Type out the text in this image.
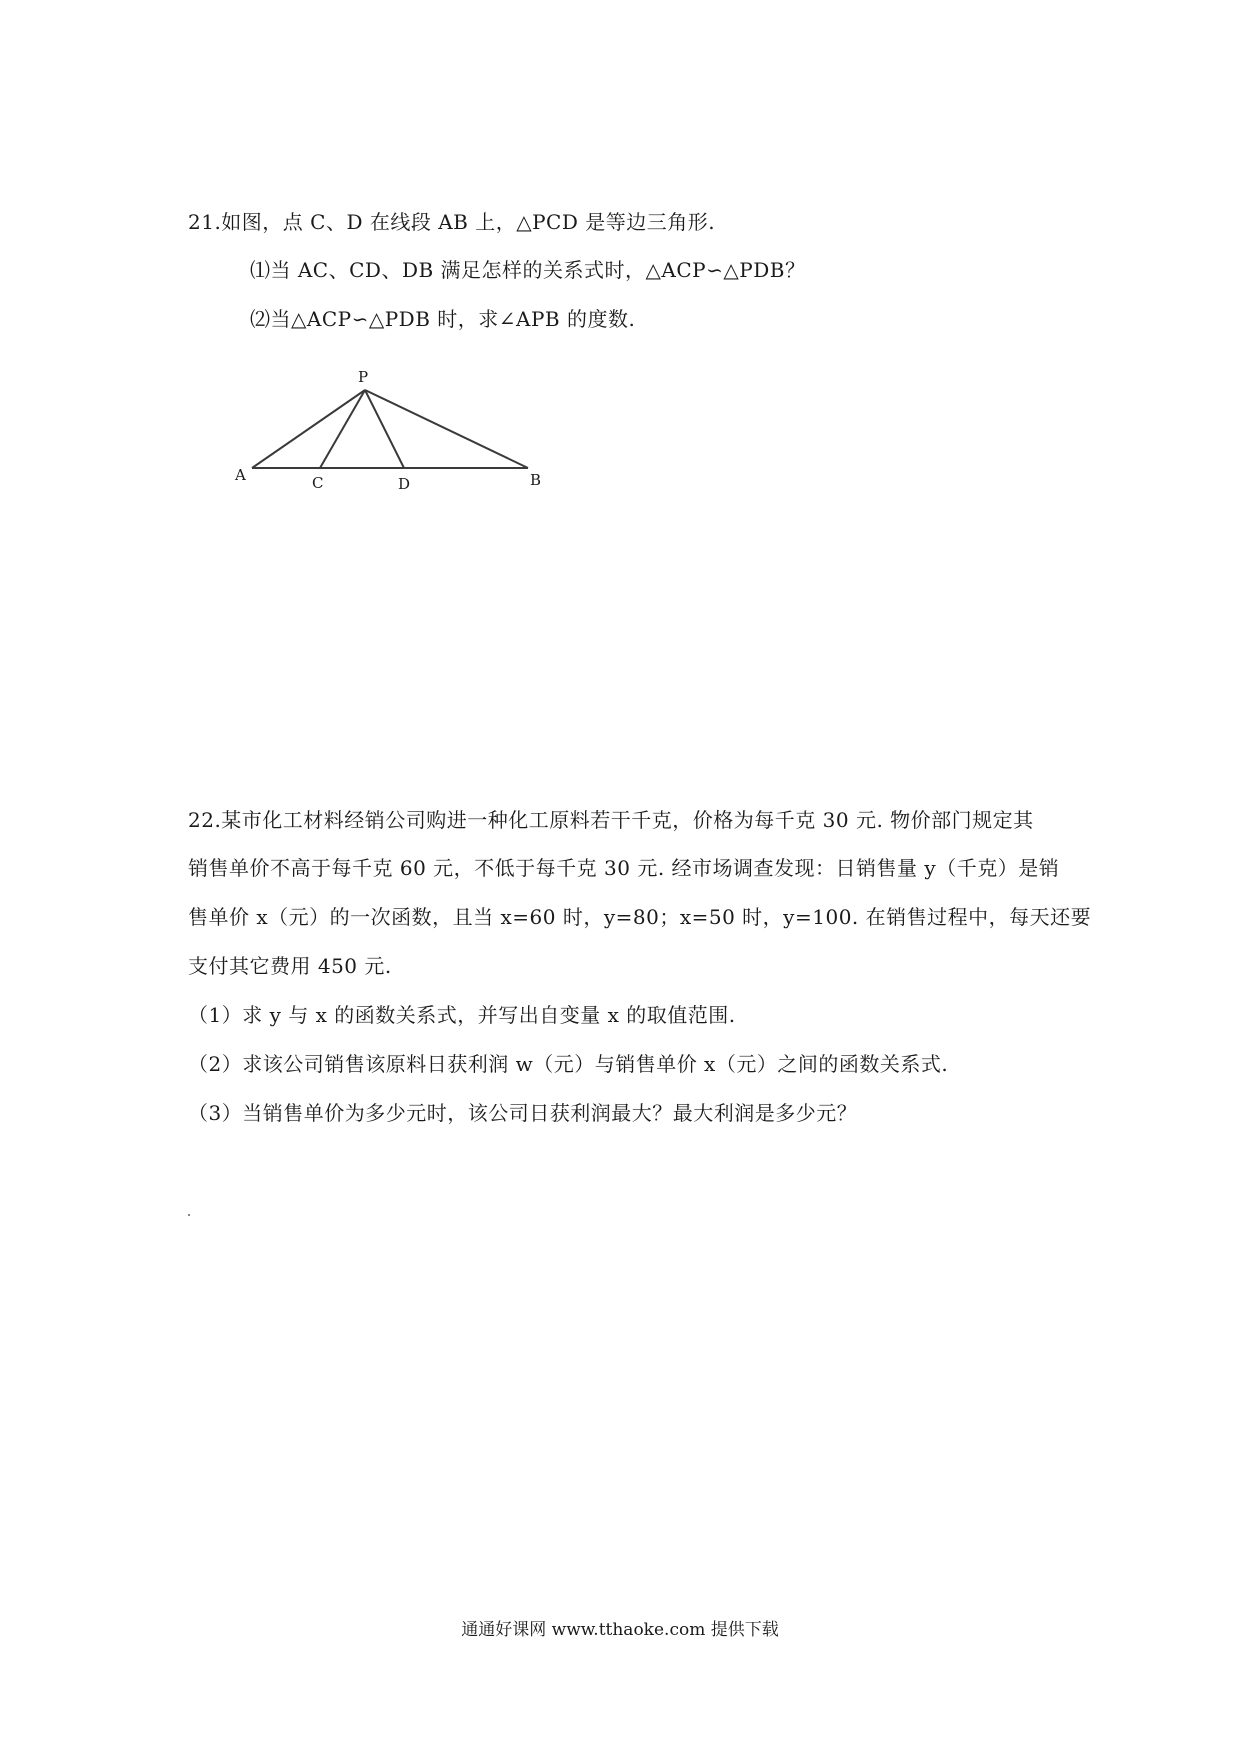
21.如图，点 C、D 在线段 AB 上，△PCD 是等边三角形.
⑴当 AC、CD、DB 满足怎样的关系式时，△ACP∽△PDB？
⑵当△ACP∽△PDB 时，求∠APB 的度数.
P
A	C	D	B
22.某市化工材料经销公司购进一种化工原料若干千克，价格为每千克 30 元. 物价部门规定其
销售单价不高于每千克 60 元，不低于每千克 30 元. 经市场调查发现：日销售量 y（千克）是销
售单价 x（元）的一次函数，且当 x=60 时，y=80；x=50 时，y=100. 在销售过程中，每天还要
支付其它费用 450 元.
（1）求 y 与 x 的函数关系式，并写出自变量 x 的取值范围.
（2）求该公司销售该原料日获利润 w（元）与销售单价 x（元）之间的函数关系式.
（3）当销售单价为多少元时，该公司日获利润最大？最大利润是多少元？
通通好课网 www.tthaoke.com 提供下载
